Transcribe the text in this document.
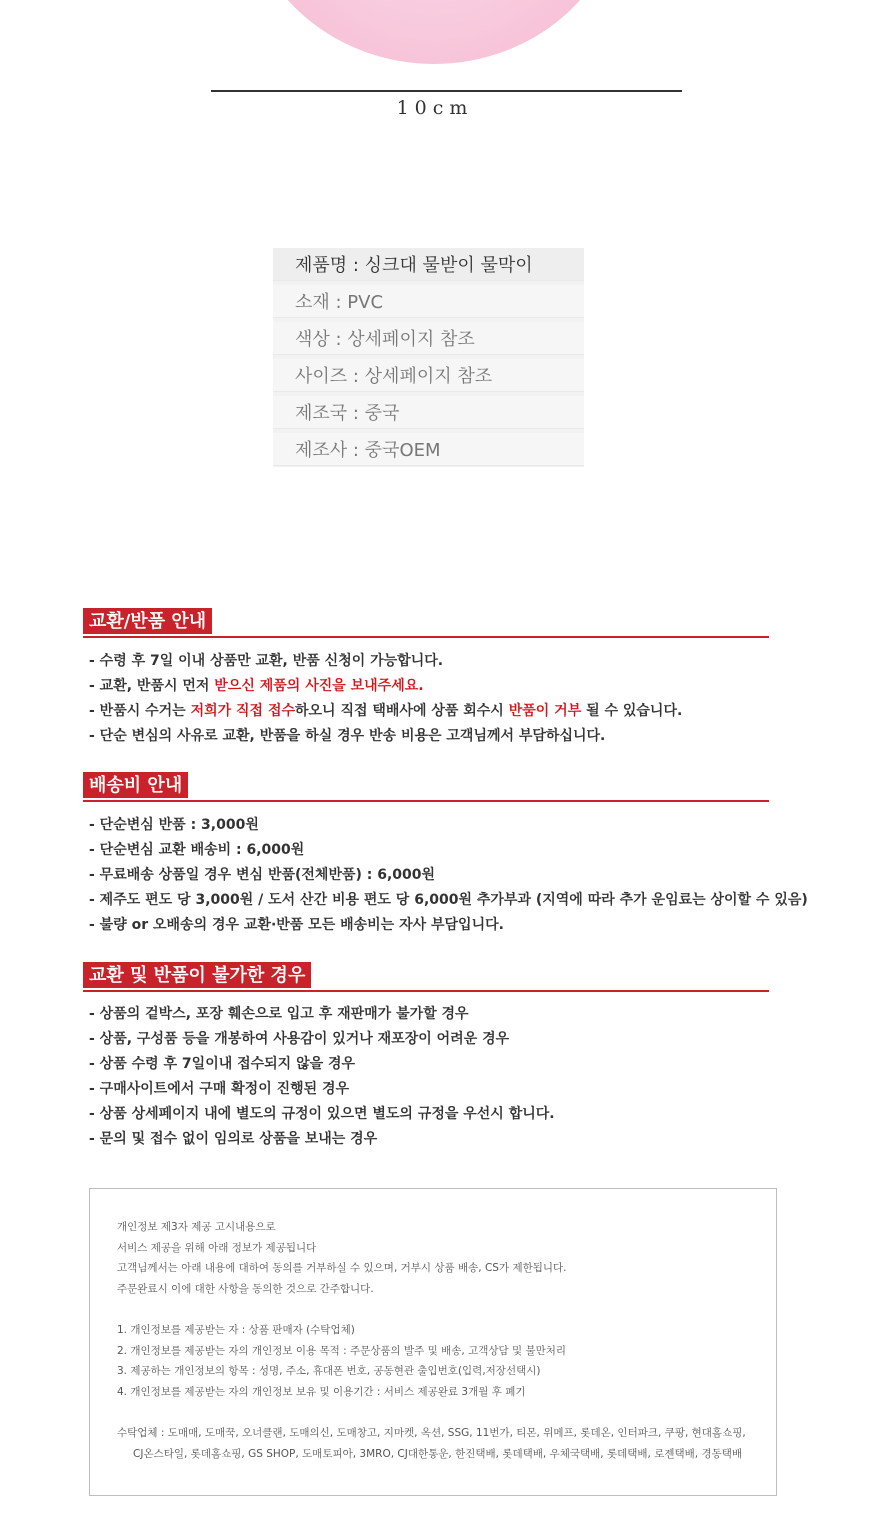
10cm
제품명 : 싱크대 물받이 물막이
소재 : PVC
색상 : 상세페이지 참조
사이즈 : 상세페이지 참조
제조국 : 중국
제조사 : 중국OEM
교환/반품 안내
- 수령 후 7일 이내 상품만 교환, 반품 신청이 가능합니다.
- 교환, 반품시 먼저 받으신 제품의 사진을 보내주세요.
- 반품시 수거는 저희가 직접 접수하오니 직접 택배사에 상품 회수시 반품이 거부 될 수 있습니다.
- 단순 변심의 사유로 교환, 반품을 하실 경우 반송 비용은 고객님께서 부담하십니다.
배송비 안내
- 단순변심 반품 : 3,000원
- 단순변심 교환 배송비 : 6,000원
- 무료배송 상품일 경우 변심 반품(전체반품) : 6,000원
- 제주도 편도 당 3,000원 / 도서 산간 비용 편도 당 6,000원 추가부과 (지역에 따라 추가 운임료는 상이할 수 있음)
- 불량 or 오배송의 경우 교환·반품 모든 배송비는 자사 부담입니다.
교환 및 반품이 불가한 경우
- 상품의 겉박스, 포장 훼손으로 입고 후 재판매가 불가할 경우
- 상품, 구성품 등을 개봉하여 사용감이 있거나 재포장이 어려운 경우
- 상품 수령 후 7일이내 접수되지 않을 경우
- 구매사이트에서 구매 확정이 진행된 경우
- 상품 상세페이지 내에 별도의 규정이 있으면 별도의 규정을 우선시 합니다.
- 문의 및 접수 없이 임의로 상품을 보내는 경우
개인정보 제3자 제공 고시내용으로
서비스 제공을 위해 아래 정보가 제공됩니다
고객님께서는 아래 내용에 대하여 동의를 거부하실 수 있으며, 거부시 상품 배송, CS가 제한됩니다.
주문완료시 이에 대한 사항을 동의한 것으로 간주합니다.
1. 개인정보를 제공받는 자 : 상품 판매자 (수탁업체)
2. 개인정보를 제공받는 자의 개인정보 이용 목적 : 주문상품의 발주 및 배송, 고객상담 및 불만처리
3. 제공하는 개인정보의 항목 : 성명, 주소, 휴대폰 번호, 공동현관 출입번호(입력,저장선택시)
4. 개인정보를 제공받는 자의 개인정보 보유 및 이용기간 : 서비스 제공완료 3개월 후 폐기
수탁업체 : 도매매, 도매꾹, 오너클랜, 도매의신, 도매창고, 지마켓, 옥션, SSG, 11번가, 티몬, 위메프, 롯데온, 인터파크, 쿠팡, 현대홈쇼핑,
CJ온스타일, 롯데홈쇼핑, GS SHOP, 도매토피아, 3MRO, CJ대한통운, 한진택배, 롯데택배, 우체국택배, 롯데택배, 로젠택배, 경동택배
